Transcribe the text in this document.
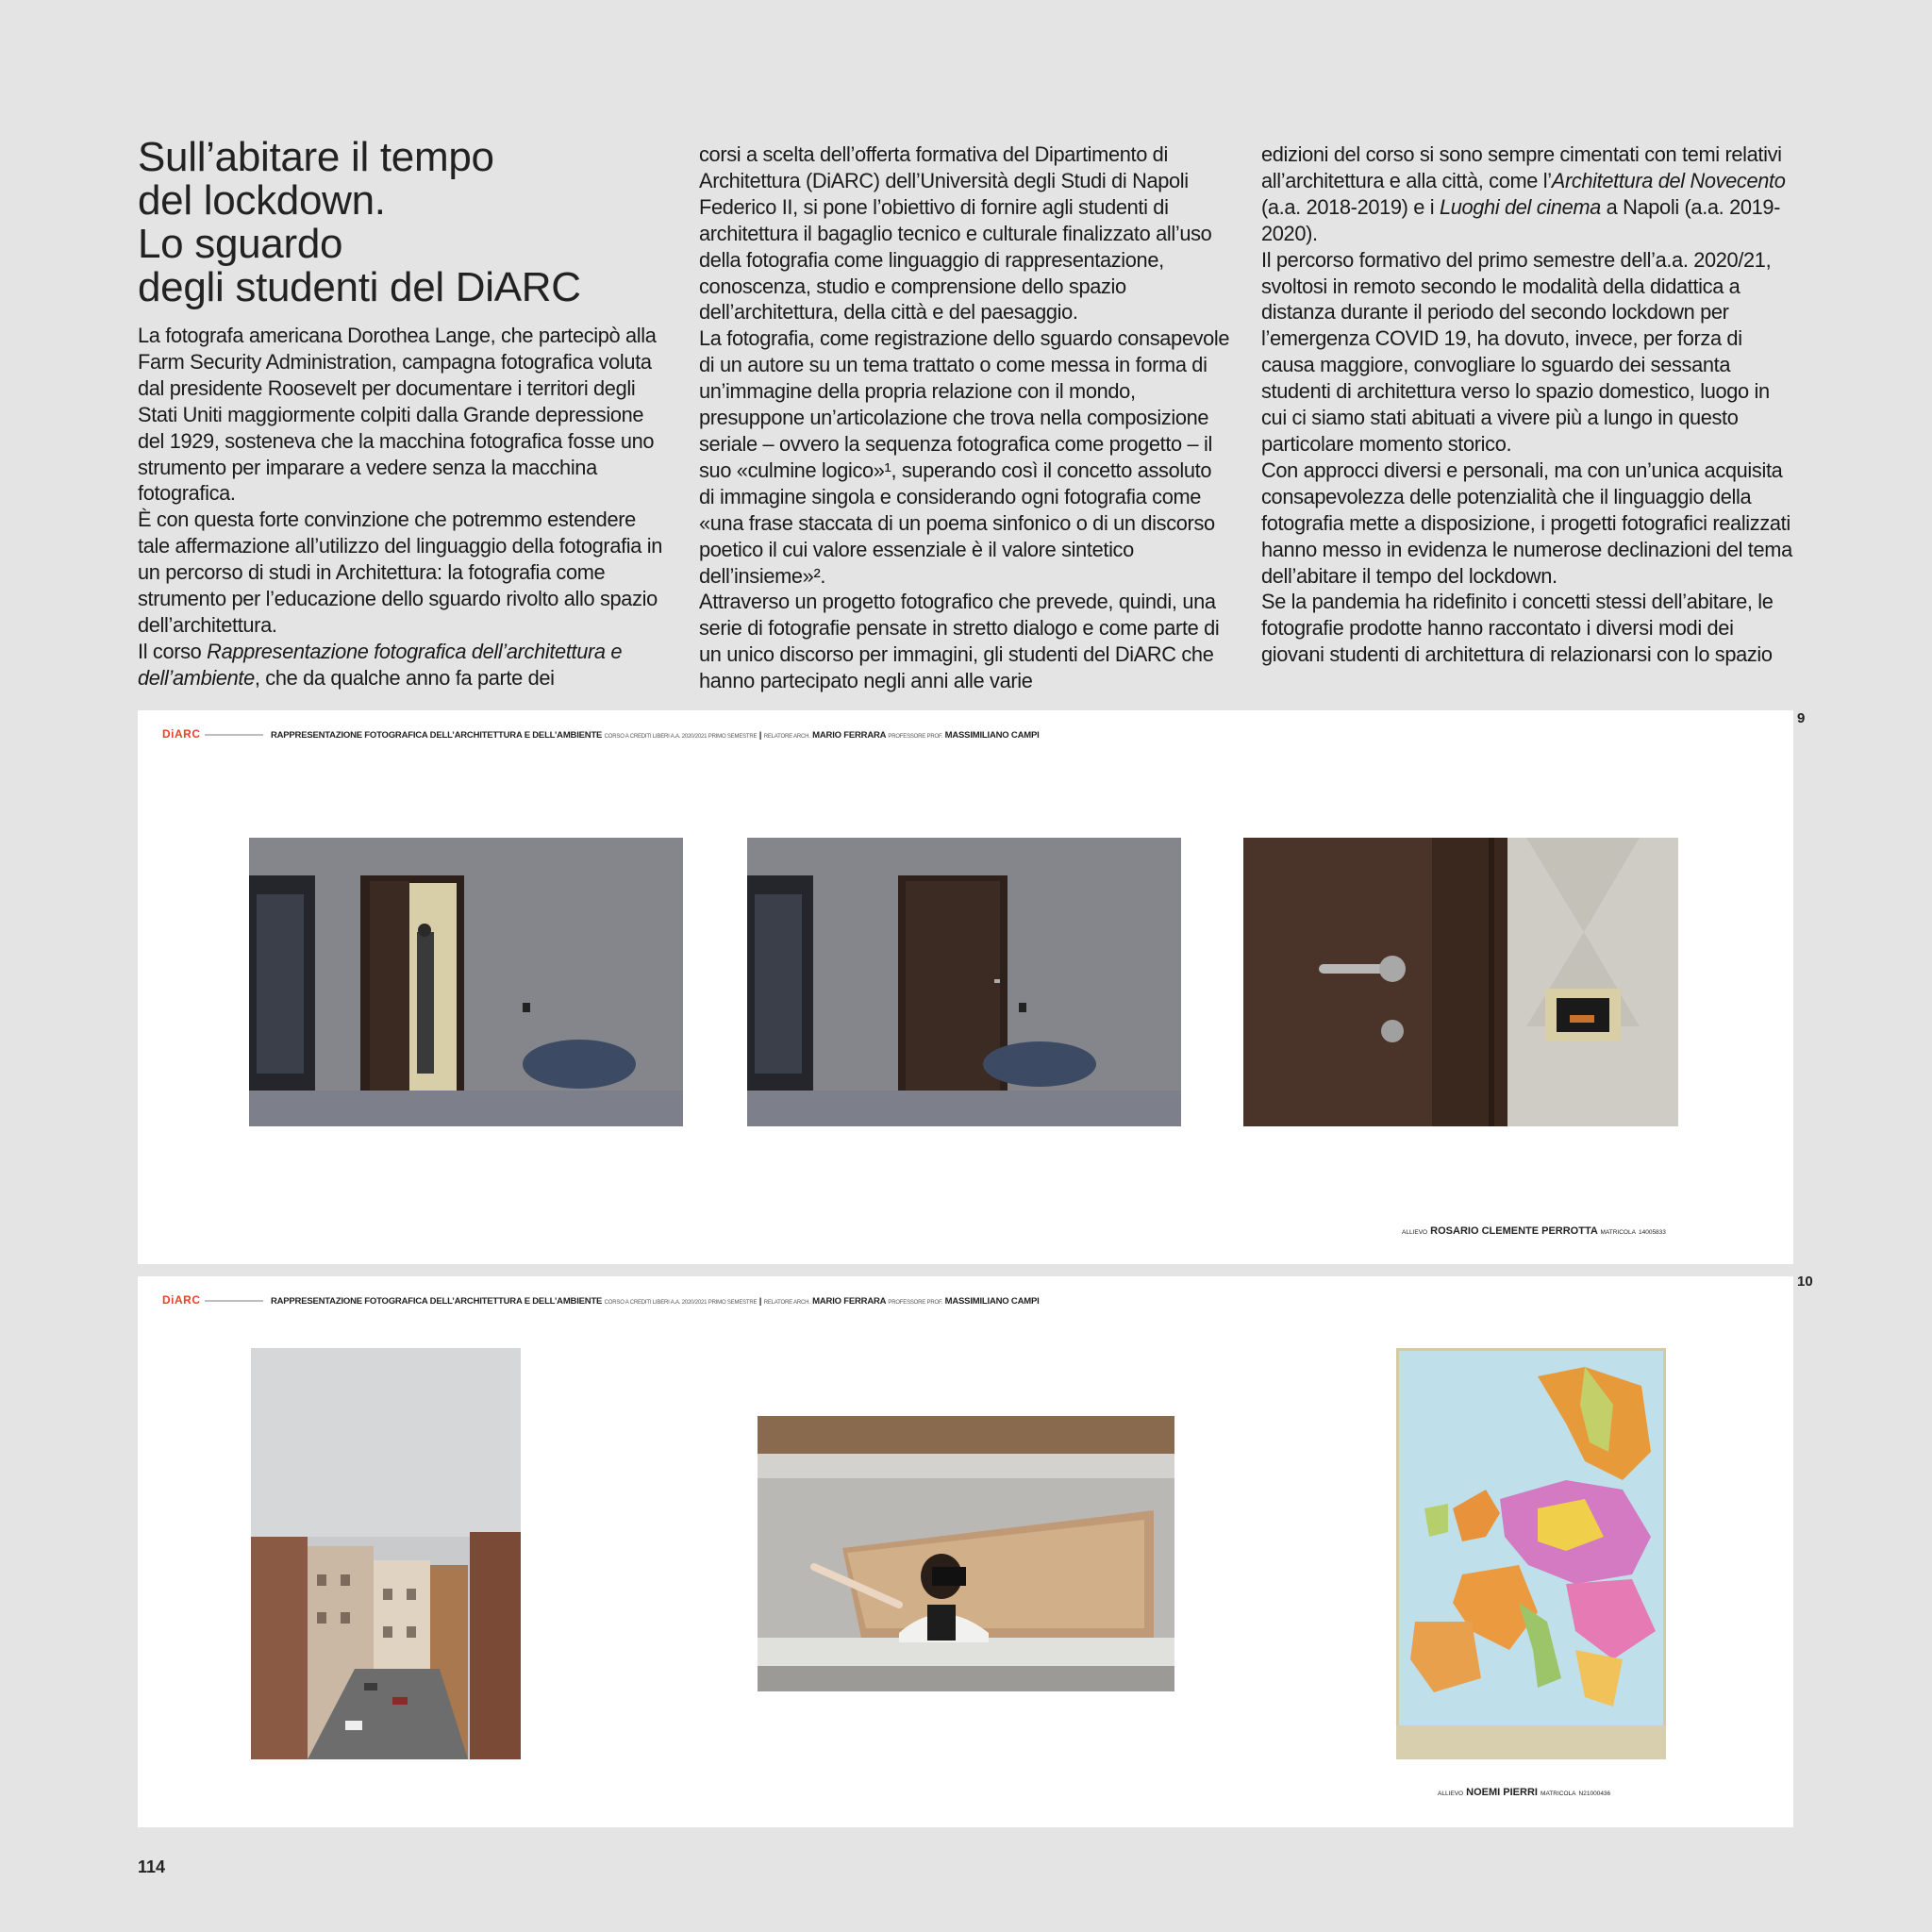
Sull’abitare il tempo
del lockdown.
Lo sguardo
degli studenti del DiARC

La fotografa americana Dorothea Lange, che partecipò alla Farm Security Administration, campagna fotografica voluta dal presidente Roosevelt per documentare i territori degli Stati Uniti maggiormente colpiti dalla Grande depressione del 1929, sosteneva che la macchina fotografica fosse uno strumento per imparare a vedere senza la macchina fotografica.

È con questa forte convinzione che potremmo estendere tale affermazione all’utilizzo del linguaggio della fotografia in un percorso di studi in Architettura: la fotografia come strumento per l’educazione dello sguardo rivolto allo spazio dell’architettura.

Il corso Rappresentazione fotografica dell’architettura e dell’ambiente, che da qualche anno fa parte dei

corsi a scelta dell’offerta formativa del Dipartimento di Architettura (DiARC) dell’Università degli Studi di Napoli Federico II, si pone l’obiettivo di fornire agli studenti di architettura il bagaglio tecnico e culturale finalizzato all’uso della fotografia come linguaggio di rappresentazione, conoscenza, studio e comprensione dello spazio dell’architettura, della città e del paesaggio.

La fotografia, come registrazione dello sguardo consapevole di un autore su un tema trattato o come messa in forma di un’immagine della propria relazione con il mondo, presuppone un’articolazione che trova nella composizione seriale – ovvero la sequenza fotografica come progetto – il suo «culmine logico»¹, superando così il concetto assoluto di immagine singola e considerando ogni fotografia come «una frase staccata di un poema sinfonico o di un discorso poetico il cui valore essenziale è il valore sintetico dell’insieme»².

Attraverso un progetto fotografico che prevede, quindi, una serie di fotografie pensate in stretto dialogo e come parte di un unico discorso per immagini, gli studenti del DiARC che hanno partecipato negli anni alle varie

edizioni del corso si sono sempre cimentati con temi relativi all’architettura e alla città, come l’Architettura del Novecento (a.a. 2018-2019) e i Luoghi del cinema a Napoli (a.a. 2019-2020).

Il percorso formativo del primo semestre dell’a.a. 2020/21, svoltosi in remoto secondo le modalità della didattica a distanza durante il periodo del secondo lockdown per l’emergenza COVID 19, ha dovuto, invece, per forza di causa maggiore, convogliare lo sguardo dei sessanta studenti di architettura verso lo spazio domestico, luogo in cui ci siamo stati abituati a vivere più a lungo in questo particolare momento storico.

Con approcci diversi e personali, ma con un’unica acquisita consapevolezza delle potenzialità che il linguaggio della fotografia mette a disposizione, i progetti fotografici realizzati hanno messo in evidenza le numerose declinazioni del tema dell’abitare il tempo del lockdown.

Se la pandemia ha ridefinito i concetti stessi dell’abitare, le fotografie prodotte hanno raccontato i diversi modi dei giovani studenti di architettura di relazionarsi con lo spazio

DiARC	RAPPRESENTAZIONE FOTOGRAFICA DELL’ARCHITETTURA E DELL’AMBIENTE CORSO A CREDITI LIBERI A.A. 2020/2021 PRIMO SEMESTRE | RELATORE ARCH. MARIO FERRARA PROFESSORE PROF. MASSIMILIANO CAMPI
9
ALLIEVO ROSARIO CLEMENTE PERROTTA MATRICOLA 14005833
DiARC	RAPPRESENTAZIONE FOTOGRAFICA DELL’ARCHITETTURA E DELL’AMBIENTE CORSO A CREDITI LIBERI A.A. 2020/2021 PRIMO SEMESTRE | RELATORE ARCH. MARIO FERRARA PROFESSORE PROF. MASSIMILIANO CAMPI
10
ALLIEVO NOEMI PIERRI MATRICOLA N21000436
114
